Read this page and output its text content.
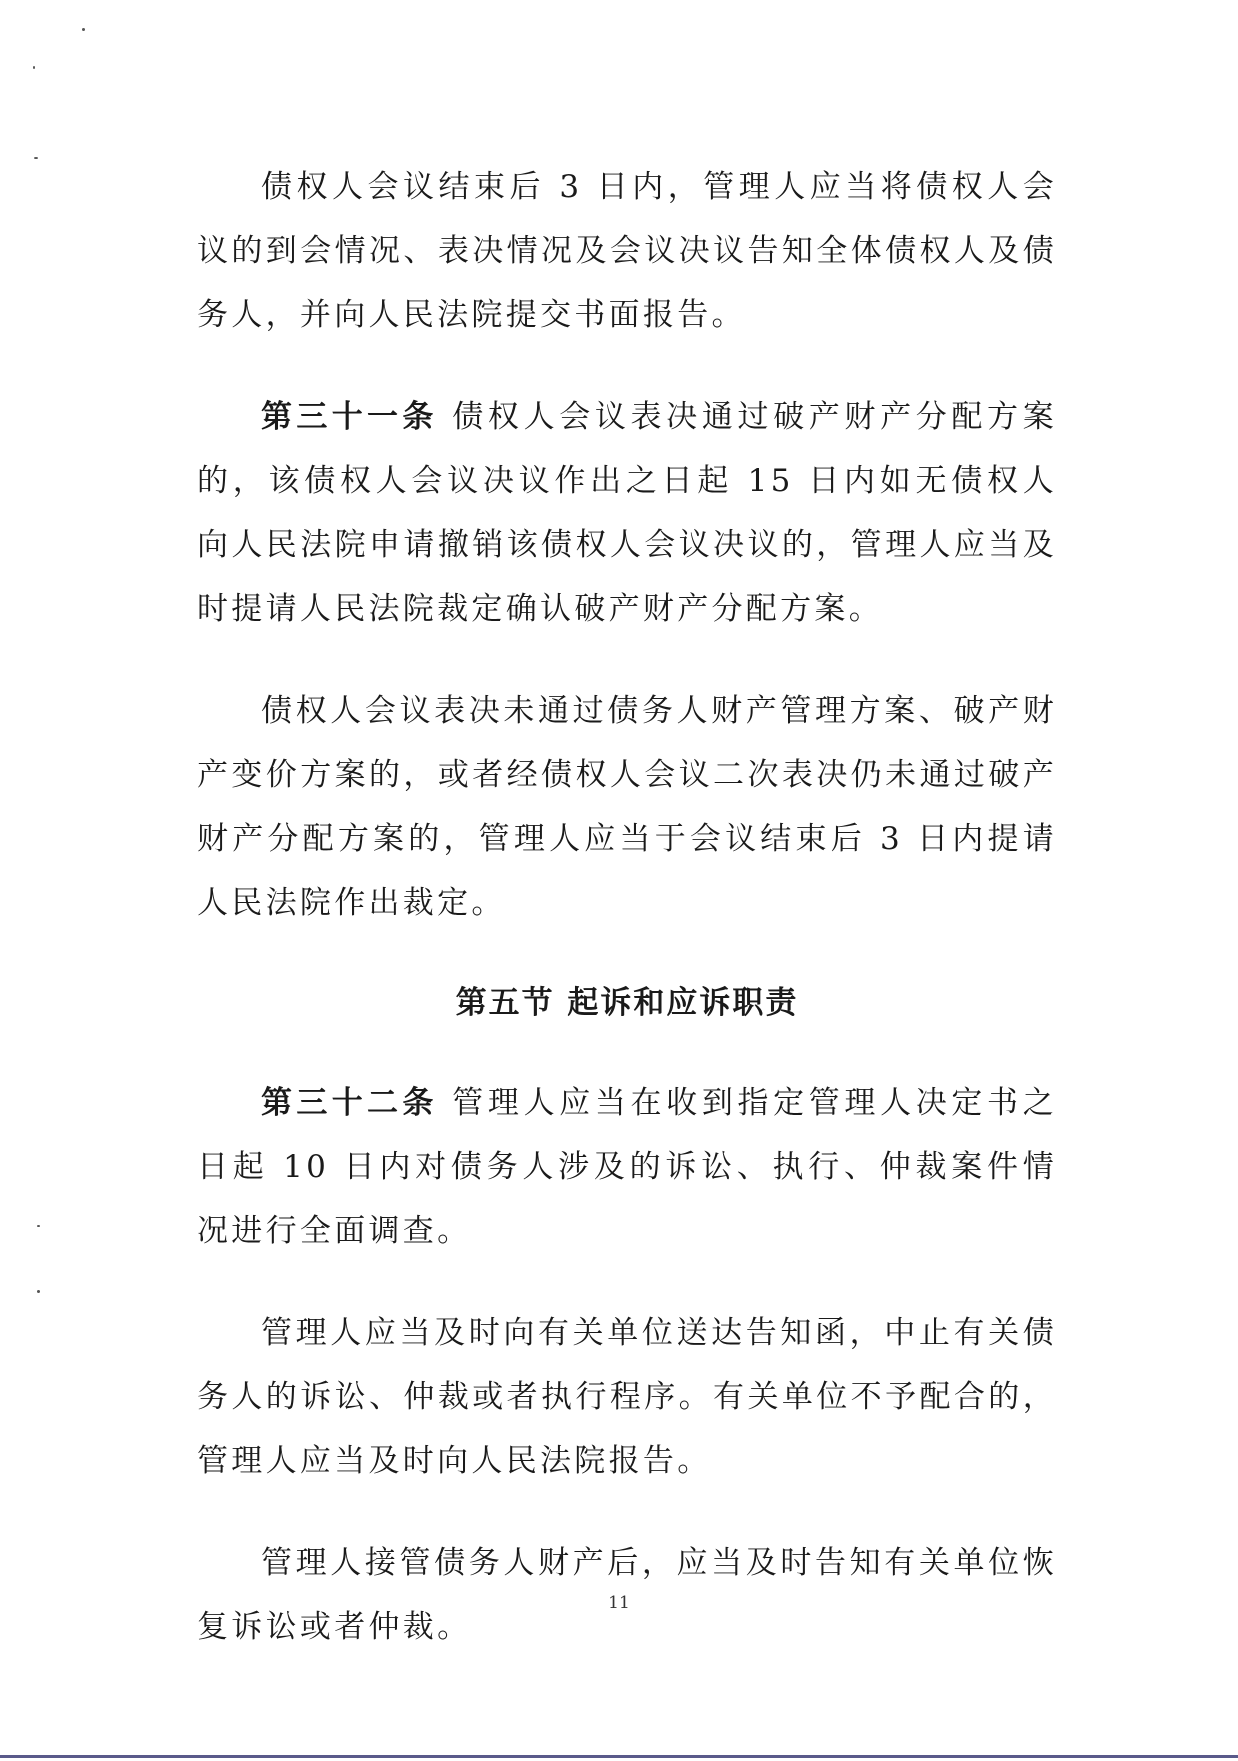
债权人会议结束后 3 日内，管理人应当将债权人会议的到会情况、表决情况及会议决议告知全体债权人及债务人，并向人民法院提交书面报告。

第三十一条 债权人会议表决通过破产财产分配方案的，该债权人会议决议作出之日起 15 日内如无债权人向人民法院申请撤销该债权人会议决议的，管理人应当及时提请人民法院裁定确认破产财产分配方案。

债权人会议表决未通过债务人财产管理方案、破产财产变价方案的，或者经债权人会议二次表决仍未通过破产财产分配方案的，管理人应当于会议结束后 3 日内提请人民法院作出裁定。

第五节 起诉和应诉职责

第三十二条 管理人应当在收到指定管理人决定书之日起 10 日内对债务人涉及的诉讼、执行、仲裁案件情况进行全面调查。

管理人应当及时向有关单位送达告知函，中止有关债务人的诉讼、仲裁或者执行程序。有关单位不予配合的，管理人应当及时向人民法院报告。

管理人接管债务人财产后，应当及时告知有关单位恢复诉讼或者仲裁。

11
